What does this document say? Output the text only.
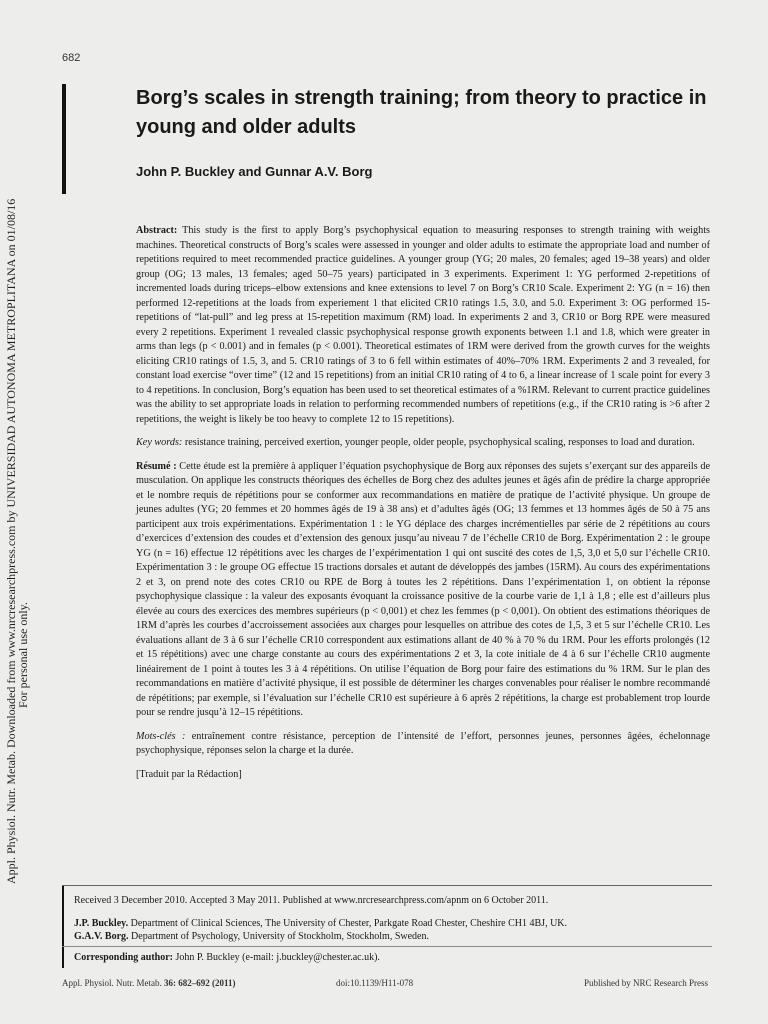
682
Appl. Physiol. Nutr. Metab. Downloaded from www.nrcresearchpress.com by UNIVERSIDAD AUTONOMA METROPLITANA on 01/08/16
For personal use only.
Borg’s scales in strength training; from theory to practice in young and older adults

John P. Buckley and Gunnar A.V. Borg

Abstract: This study is the first to apply Borg’s psychophysical equation to measuring responses to strength training with weights machines. Theoretical constructs of Borg’s scales were assessed in younger and older adults to estimate the appropriate load and number of repetitions required to meet recommended practice guidelines. A younger group (YG; 20 males, 20 females; aged 19–38 years) and older group (OG; 13 males, 13 females; aged 50–75 years) participated in 3 experiments. Experiment 1: YG performed 2-repetitions of incremented loads during triceps–elbow extensions and knee extensions to level 7 on Borg’s CR10 Scale. Experiment 2: YG (n = 16) then performed 12-repetitions at the loads from experiement 1 that elicited CR10 ratings 1.5, 3.0, and 5.0. Experiment 3: OG performed 15-repetitions of “lat-pull” and leg press at 15-repetition maximum (RM) load. In experiments 2 and 3, CR10 or Borg RPE were measured every 2 repetitions. Experiment 1 revealed classic psychophysical response growth exponents between 1.1 and 1.8, which were greater in arms than legs (p < 0.001) and in females (p < 0.001). Theoretical estimates of 1RM were derived from the growth curves for the weights eliciting CR10 ratings of 1.5, 3, and 5. CR10 ratings of 3 to 6 fell within estimates of 40%–70% 1RM. Experiments 2 and 3 revealed, for constant load exercise “over time” (12 and 15 repetitions) from an initial CR10 rating of 4 to 6, a linear increase of 1 scale point for every 3 to 4 repetitions. In conclusion, Borg’s equation has been used to set theoretical estimates of a %1RM. Relevant to current practice guidelines was the ability to set appropriate loads in relation to performing recommended numbers of repetitions (e.g., if the CR10 rating is >6 after 2 repetitions, the weight is likely be too heavy to complete 12 to 15 repetitions).

Key words: resistance training, perceived exertion, younger people, older people, psychophysical scaling, responses to load and duration.

Résumé : Cette étude est la première à appliquer l’équation psychophysique de Borg aux réponses des sujets s’exerçant sur des appareils de musculation. On applique les constructs théoriques des échelles de Borg chez des adultes jeunes et âgés afin de prédire la charge appropriée et le nombre requis de répétitions pour se conformer aux recommandations en matière de pratique de l’activité physique. Un groupe de jeunes adultes (YG; 20 femmes et 20 hommes âgés de 19 à 38 ans) et d’adultes âgés (OG; 13 femmes et 13 hommes âgés de 50 à 75 ans participent aux trois expérimentations. Expérimentation 1 : le YG déplace des charges incrémentielles par série de 2 répétitions au cours d’exercices d’extension des coudes et d’extension des genoux jusqu’au niveau 7 de l’échelle CR10 de Borg. Expérimentation 2 : le groupe YG (n = 16) effectue 12 répétitions avec les charges de l’expérimentation 1 qui ont suscité des cotes de 1,5, 3,0 et 5,0 sur l’échelle CR10. Expérimentation 3 : le groupe OG effectue 15 tractions dorsales et autant de développés des jambes (15RM). Au cours des expérimentations 2 et 3, on prend note des cotes CR10 ou RPE de Borg à toutes les 2 répétitions. Dans l’expérimentation 1, on obtient la réponse psychophysique classique : la valeur des exposants évoquant la croissance positive de la courbe varie de 1,1 à 1,8 ; elle est d’ailleurs plus élevée au cours des exercices des membres supérieurs (p < 0,001) et chez les femmes (p < 0,001). On obtient des estimations théoriques de 1RM d’après les courbes d’accroissement associées aux charges pour lesquelles on attribue des cotes de 1,5, 3 et 5 sur l’échelle CR10. Les évaluations allant de 3 à 6 sur l’échelle CR10 correspondent aux estimations allant de 40 % à 70 % du 1RM. Pour les efforts prolongés (12 et 15 répétitions) avec une charge constante au cours des expérimentations 2 et 3, la cote initiale de 4 à 6 sur l’échelle CR10 augmente linéairement de 1 point à toutes les 3 à 4 répétitions. On utilise l’équation de Borg pour faire des estimations du % 1RM. Sur le plan des recommandations en matière d’activité physique, il est possible de déterminer les charges convenables pour réaliser le nombre recommandé de répétitions; par exemple, si l’évaluation sur l’échelle CR10 est supérieure à 6 après 2 répétitions, la charge est probablement trop lourde pour se rendre jusqu’à 12–15 répétitions.

Mots-clés : entraînement contre résistance, perception de l’intensité de l’effort, personnes jeunes, personnes âgées, échelonnage psychophysique, réponses selon la charge et la durée.

[Traduit par la Rédaction]

Received 3 December 2010. Accepted 3 May 2011. Published at www.nrcresearchpress.com/apnm on 6 October 2011.

J.P. Buckley. Department of Clinical Sciences, The University of Chester, Parkgate Road Chester, Cheshire CH1 4BJ, UK.

G.A.V. Borg. Department of Psychology, University of Stockholm, Stockholm, Sweden.

Corresponding author: John P. Buckley (e-mail: j.buckley@chester.ac.uk).

Appl. Physiol. Nutr. Metab. 36: 682–692 (2011)	doi:10.1139/H11-078	Published by NRC Research Press
